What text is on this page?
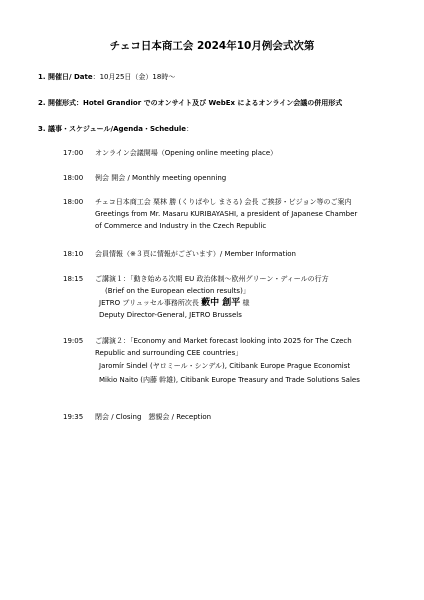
チェコ日本商工会 2024年10月例会式次第
1. 開催日/ Date：10月25日（金）18時～
2. 開催形式：Hotel Grandior でのオンサイト及び WebEx によるオンライン会議の併用形式
3. 議事・スケジュール/Agenda・Schedule：
17:00	オンライン会議開場（Opening online meeting place）
18:00	例会 開会 / Monthly meeting openning
18:00	チェコ日本商工会 栗林 勝 (くりばやし まさる) 会長 ご挨拶・ビジョン等のご案内
Greetings from Mr. Masaru KURIBAYASHI, a president of Japanese Chamber
of Commerce and Industry in the Czech Republic
18:10	会員情報（※３頁に情報がございます）/ Member Information
18:15	ご講演１：「動き始める次期 EU 政治体制～欧州グリーン・ディールの行方
(Brief on the European election results)」
JETRO ブリュッセル事務所次長 藪中 創平 様
Deputy Director-General, JETRO Brussels
19:05	ご講演２：「Economy and Market forecast looking into 2025 for The Czech
Republic and surrounding CEE countries」
Jaromír Sindel (ヤロミール・シンデル), Citibank Europe Prague Economist
Mikio Naito (内藤 幹雄), Citibank Europe Treasury and Trade Solutions Sales
19:35	閉会 / Closing　懇親会 / Reception
